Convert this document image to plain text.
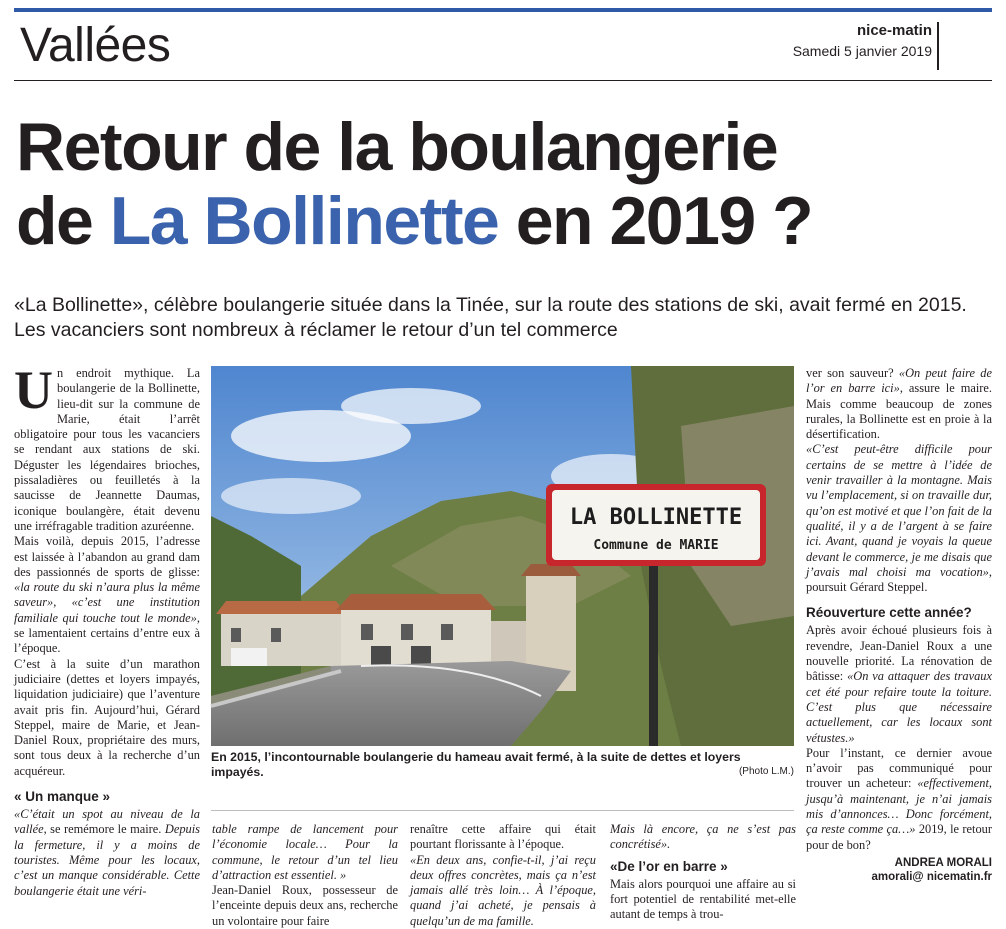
Vallées	nice-matin
Samedi 5 janvier 2019
Retour de la boulangerie
de La Bollinette en 2019 ?
«La Bollinette», célèbre boulangerie située dans la Tinée, sur la route des stations de ski, avait fermé en 2015. Les vacanciers sont nombreux à réclamer le retour d’un tel commerce

Un endroit mythique. La boulangerie de la Bollinette, lieu-dit sur la commune de Marie, était l’arrêt obligatoire pour tous les vacanciers se rendant aux stations de ski. Déguster les légendaires brioches, pissaladières ou feuilletés à la saucisse de Jeannette Daumas, iconique boulangère, était devenu une irréfragable tradition azuréenne.

Mais voilà, depuis 2015, l’adresse est laissée à l’abandon au grand dam des passionnés de sports de glisse: «la route du ski n’aura plus la même saveur», «c’est une institution familiale qui touche tout le monde», se lamentaient certains d’entre eux à l’époque.

C’est à la suite d’un marathon judiciaire (dettes et loyers impayés, liquidation judiciaire) que l’aventure avait pris fin. Aujourd’hui, Gérard Steppel, maire de Marie, et Jean-Daniel Roux, propriétaire des murs, sont tous deux à la recherche d’un acquéreur.

« Un manque »

«C’était un spot au niveau de la vallée, se remémore le maire. Depuis la fermeture, il y a moins de touristes. Même pour les locaux, c’est un manque considérable. Cette boulangerie était une véri-

LA BOLLINETTE
Commune de MARIE
En 2015, l’incontournable boulangerie du hameau avait fermé, à la suite de dettes et loyers impayés.	(Photo L.M.)

table rampe de lancement pour l’économie locale… Pour la commune, le retour d’un tel lieu d’attraction est essentiel. »

Jean-Daniel Roux, possesseur de l’enceinte depuis deux ans, recherche un volontaire pour faire

renaître cette affaire qui était pourtant florissante à l’époque.

«En deux ans, confie-t-il, j’ai reçu deux offres concrètes, mais ça n’est jamais allé très loin… À l’époque, quand j’ai acheté, je pensais à quelqu’un de ma famille.

Mais là encore, ça ne s’est pas concrétisé».

«De l’or en barre »

Mais alors pourquoi une affaire au si fort potentiel de rentabilité met-elle autant de temps à trou-

ver son sauveur? «On peut faire de l’or en barre ici», assure le maire. Mais comme beaucoup de zones rurales, la Bollinette est en proie à la désertification.

«C’est peut-être difficile pour certains de se mettre à l’idée de venir travailler à la montagne. Mais vu l’emplacement, si on travaille dur, qu’on est motivé et que l’on fait de la qualité, il y a de l’argent à se faire ici. Avant, quand je voyais la queue devant le commerce, je me disais que j’avais mal choisi ma vocation», poursuit Gérard Steppel.

Réouverture cette année?

Après avoir échoué plusieurs fois à revendre, Jean-Daniel Roux a une nouvelle priorité. La rénovation de bâtisse: «On va attaquer des travaux cet été pour refaire toute la toiture. C’est plus que nécessaire actuellement, car les locaux sont vétustes.»

Pour l’instant, ce dernier avoue n’avoir pas communiqué pour trouver un acheteur: «effectivement, jusqu’à maintenant, je n’ai jamais mis d’annonces… Donc forcément, ça reste comme ça…» 2019, le retour pour de bon?

ANDREA MORALI
amorali@ nicematin.fr
